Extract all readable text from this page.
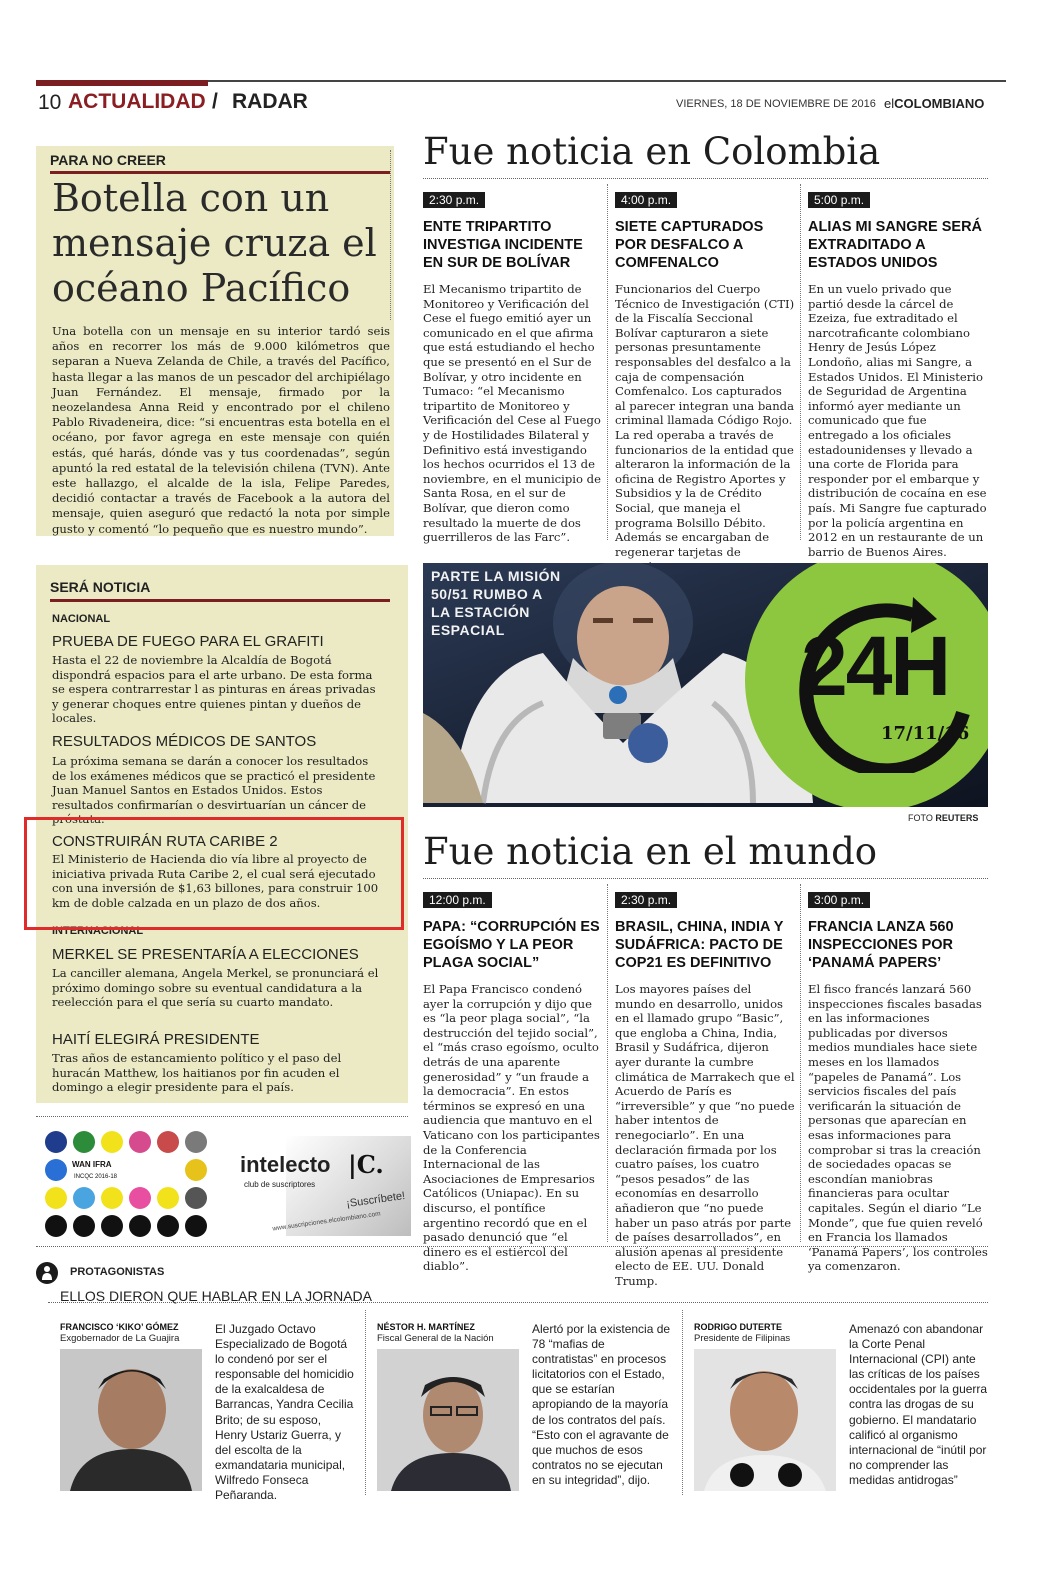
10 ACTUALIDAD / RADAR	VIERNES, 18 DE NOVIEMBRE DE 2016 elCOLOMBIANO
PARA NO CREER
Botella con un mensaje cruza el océano Pacífico
Una botella con un mensaje en su interior tardó seis años en recorrer los más de 9.000 kilómetros que separan a Nueva Zelanda de Chile, a través del Pacífico, hasta llegar a las manos de un pescador del archipiélago Juan Fernández. El mensaje, firmado por la neozelandesa Anna Reid y encontrado por el chileno Pablo Rivadeneira, dice: “si encuentras esta botella en el océano, por favor agrega en este mensaje con quién estás, qué harás, dónde vas y tus coordenadas”, según apuntó la red estatal de la televisión chilena (TVN). Ante este hallazgo, el alcalde de la isla, Felipe Paredes, decidió contactar a través de Facebook a la autora del mensaje, quien aseguró que redactó la nota por simple gusto y comentó “lo pequeño que es nuestro mundo”.
SERÁ NOTICIA
NACIONAL
PRUEBA DE FUEGO PARA EL GRAFITI
Hasta el 22 de noviembre la Alcaldía de Bogotá dispondrá espacios para el arte urbano. De esta forma se espera contrarrestar l as pinturas en áreas privadas y generar choques entre quienes pintan y dueños de locales.
RESULTADOS MÉDICOS DE SANTOS
La próxima semana se darán a conocer los resultados de los exámenes médicos que se practicó el presidente Juan Manuel Santos en Estados Unidos. Estos resultados confirmarían o desvirtuarían un cáncer de próstata.
CONSTRUIRÁN RUTA CARIBE 2
El Ministerio de Hacienda dio vía libre al proyecto de iniciativa privada Ruta Caribe 2, el cual será ejecutado con una inversión de $1,63 billones, para construir 100 km de doble calzada en un plazo de dos años.
INTERNACIONAL
MERKEL SE PRESENTARÍA A ELECCIONES
La canciller alemana, Angela Merkel, se pronunciará el próximo domingo sobre su eventual candidatura a la reelección para el que sería su cuarto mandato.
HAITÍ ELEGIRÁ PRESIDENTE
Tras años de estancamiento político y el paso del huracán Matthew, los haitianos por fin acuden el domingo a elegir presidente para el país.
Fue noticia en Colombia
2:30 p.m.
ENTE TRIPARTITO INVESTIGA INCIDENTE EN SUR DE BOLÍVAR
El Mecanismo tripartito de Monitoreo y Verificación del Cese el fuego emitió ayer un comunicado en el que afirma que está estudiando el hecho que se presentó en el Sur de Bolívar, y otro incidente en Tumaco: “el Mecanismo tripartito de Monitoreo y Verificación del Cese al Fuego y de Hostilidades Bilateral y Definitivo está investigando los hechos ocurridos el 13 de noviembre, en el municipio de Santa Rosa, en el sur de Bolívar, que dieron como resultado la muerte de dos guerrilleros de las Farc”.
4:00 p.m.
SIETE CAPTURADOS POR DESFALCO A COMFENALCO
Funcionarios del Cuerpo Técnico de Investigación (CTI) de la Fiscalía Seccional Bolívar capturaron a siete personas presuntamente responsables del desfalco a la caja de compensación Comfenalco. Los capturados al parecer integran una banda criminal llamada Código Rojo. La red operaba a través de funcionarios de la entidad que alteraron la información de la oficina de Registro Aportes y Subsidios y la de Crédito Social, que maneja el programa Bolsillo Débito. Además se encargaban de regenerar tarjetas de
5:00 p.m.
ALIAS MI SANGRE SERÁ EXTRADITADO A ESTADOS UNIDOS
En un vuelo privado que partió desde la cárcel de Ezeiza, fue extraditado el narcotraficante colombiano Henry de Jesús López Londoño, alias mi Sangre, a Estados Unidos. El Ministerio de Seguridad de Argentina informó ayer mediante un comunicado que fue entregado a los oficiales estadounidenses y llevado a una corte de Florida para responder por el embarque y distribución de cocaína en ese país. Mi Sangre fue capturado por la policía argentina en 2012 en un restaurante de un barrio de Buenos Aires.
PARTE LA MISIÓN
50/51 RUMBO A
LA ESTACIÓN
ESPACIAL	24H
17/11/16
FOTO REUTERS
Fue noticia en el mundo
12:00 p.m.
PAPA: “CORRUPCIÓN ES EGOÍSMO Y LA PEOR PLAGA SOCIAL”
El Papa Francisco condenó ayer la corrupción y dijo que es “la peor plaga social”, “la destrucción del tejido social”, el “más craso egoísmo, oculto detrás de una aparente generosidad” y “un fraude a la democracia”. En estos términos se expresó en una audiencia que mantuvo en el Vaticano con los participantes de la Conferencia Internacional de las Asociaciones de Empresarios Católicos (Uniapac). En su discurso, el pontífice argentino recordó que en el pasado denunció que “el dinero es el estiércol del diablo”.
2:30 p.m.
BRASIL, CHINA, INDIA Y SUDÁFRICA: PACTO DE COP21 ES DEFINITIVO
Los mayores países del mundo en desarrollo, unidos en el llamado grupo “Basic”, que engloba a China, India, Brasil y Sudáfrica, dijeron ayer durante la cumbre climática de Marrakech que el Acuerdo de París es “irreversible” y que “no puede haber intentos de renegociarlo”. En una declaración firmada por los cuatro países, los cuatro “pesos pesados” de las economías en desarrollo añadieron que “no puede haber un paso atrás por parte de países desarrollados”, en alusión apenas al presidente electo de EE. UU. Donald Trump.
3:00 p.m.
FRANCIA LANZA 560 INSPECCIONES POR ‘PANAMÁ PAPERS’
El fisco francés lanzará 560 inspecciones fiscales basadas en las informaciones publicadas por diversos medios mundiales hace siete meses en los llamados “papeles de Panamá”. Los servicios fiscales del país verificarán la situación de personas que aparecían en esas informaciones para comprobar si tras la creación de sociedades opacas se escondían maniobras financieras para ocultar capitales. Según el diario “Le Monde”, que fue quien reveló en Francia los llamados ‘Panamá Papers’, los controles ya comenzaron.
WAN IFRA
INCQC 2016-18	intelecto |C.
club de suscriptores
¡Suscríbete!
www.suscripciones.elcolombiano.com
PROTAGONISTAS
ELLOS DIERON QUE HABLAR EN LA JORNADA
FRANCISCO ‘KIKO’ GÓMEZ
Exgobernador de La Guajira
El Juzgado Octavo Especializado de Bogotá lo condenó por ser el responsable del homicidio de la exalcaldesa de Barrancas, Yandra Cecilia Brito; de su esposo, Henry Ustariz Guerra, y del escolta de la exmandataria municipal, Wilfredo Fonseca Peñaranda.
NÉSTOR H. MARTÍNEZ
Fiscal General de la Nación
Alertó por la existencia de 78 “mafias de contratistas” en procesos licitatorios con el Estado, que se estarían apropiando de la mayoría de los contratos del país. “Esto con el agravante de que muchos de esos contratos no se ejecutan en su integridad”, dijo.
RODRIGO DUTERTE
Presidente de Filipinas
Amenazó con abandonar la Corte Penal Internacional (CPI) ante las críticas de los países occidentales por la guerra contra las drogas de su gobierno. El mandatario calificó al organismo internacional de “inútil por no comprender las medidas antidrogas”
